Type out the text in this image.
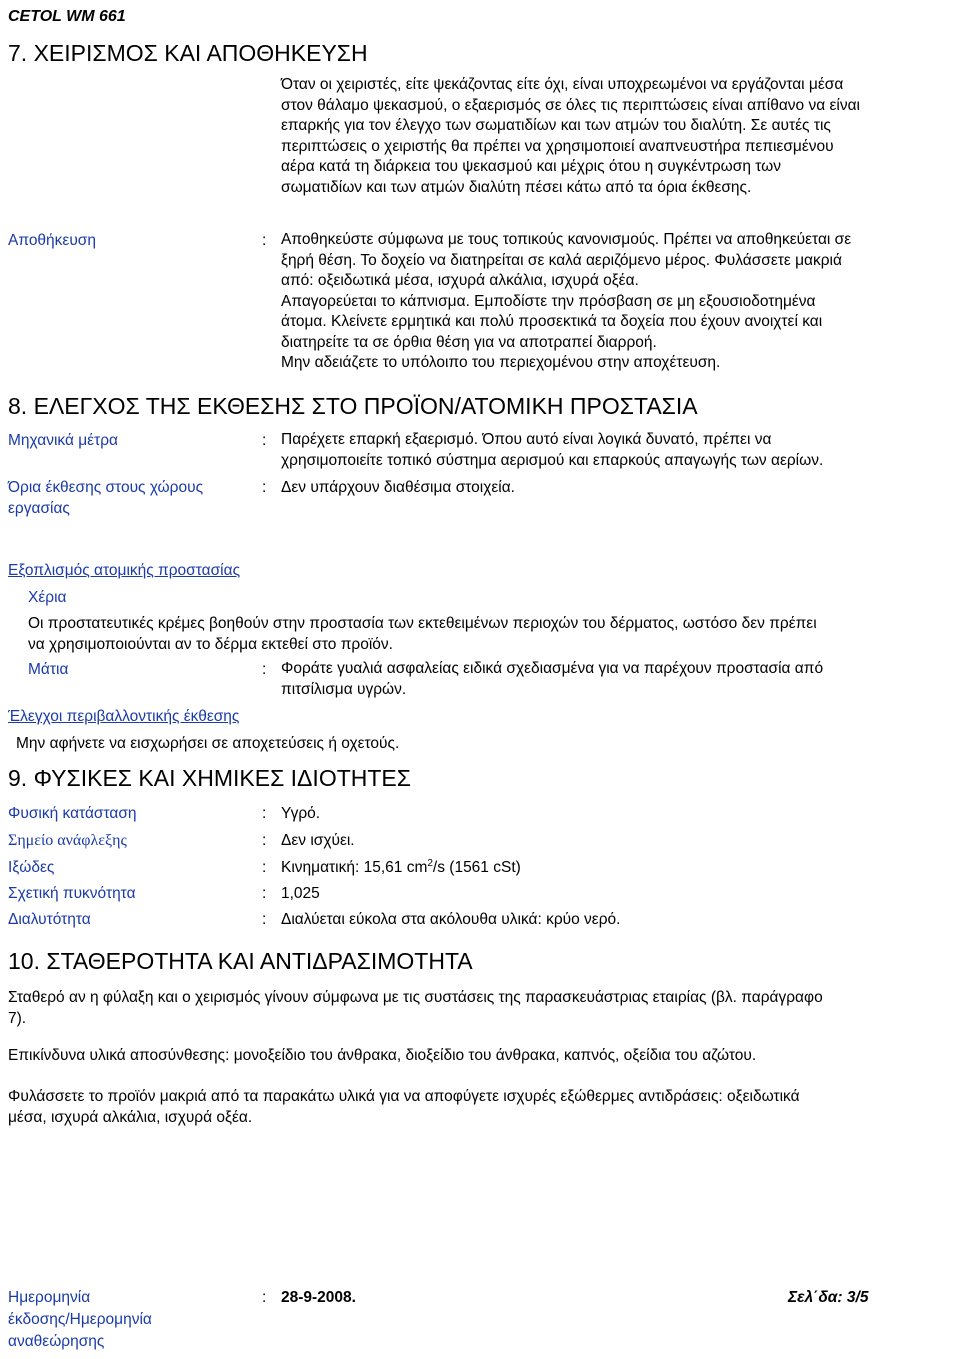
CETOL WM 661
7. ΧΕΙΡΙΣΜΟΣ ΚΑΙ ΑΠΟΘΗΚΕΥΣΗ
Όταν οι χειριστές, είτε ψεκάζοντας είτε όχι, είναι υποχρεωμένοι να εργάζονται μέσα
στον θάλαμο ψεκασμού, ο εξαερισμός σε όλες τις περιπτώσεις είναι απίθανο να είναι
επαρκής για τον έλεγχο των σωματιδίων και των ατμών του διαλύτη. Σε αυτές τις
περιπτώσεις ο χειριστής θα πρέπει να χρησιμοποιεί αναπνευστήρα πεπιεσμένου
αέρα κατά τη διάρκεια του ψεκασμού και μέχρις ότου η συγκέντρωση των
σωματιδίων και των ατμών διαλύτη πέσει κάτω από τα όρια έκθεσης.
Αποθήκευση	: Αποθηκεύστε σύμφωνα με τους τοπικούς κανονισμούς. Πρέπει να αποθηκεύεται σε
ξηρή θέση. Το δοχείο να διατηρείται σε καλά αεριζόμενο μέρος. Φυλάσσετε μακριά
από: οξειδωτικά μέσα, ισχυρά αλκάλια, ισχυρά οξέα.
Απαγορεύεται το κάπνισμα. Εμποδίστε την πρόσβαση σε μη εξουσιοδοτημένα
άτομα. Κλείνετε ερμητικά και πολύ προσεκτικά τα δοχεία που έχουν ανοιχτεί και
διατηρείτε τα σε όρθια θέση για να αποτραπεί διαρροή.
Μην αδειάζετε το υπόλοιπο του περιεχομένου στην αποχέτευση.
8. ΕΛΕΓΧΟΣ ΤΗΣ ΕΚΘΕΣΗΣ ΣΤΟ ΠΡΟΪΟΝ/ΑΤΟΜΙΚΗ ΠΡΟΣΤΑΣΙΑ
Μηχανικά μέτρα	: Παρέχετε επαρκή εξαερισμό. Όπου αυτό είναι λογικά δυνατό, πρέπει να
χρησιμοποιείτε τοπικό σύστημα αερισμού και επαρκούς απαγωγής των αερίων.
Όρια έκθεσης στους χώρους
εργασίας
: Δεν υπάρχουν διαθέσιμα στοιχεία.
Εξοπλισμός ατομικής προστασίας
Χέρια
Οι προστατευτικές κρέμες βοηθούν στην προστασία των εκτεθειμένων περιοχών του δέρματος, ωστόσο δεν πρέπει
να χρησιμοποιούνται αν το δέρμα εκτεθεί στο προϊόν.
Μάτια	: Φοράτε γυαλιά ασφαλείας ειδικά σχεδιασμένα για να παρέχουν προστασία από
πιτσίλισμα υγρών.
Έλεγχοι περιβαλλοντικής έκθεσης
Μην αφήνετε να εισχωρήσει σε αποχετεύσεις ή οχετούς.
9. ΦΥΣΙΚΕΣ ΚΑΙ ΧΗΜΙΚΕΣ ΙΔΙΟΤΗΤΕΣ
Φυσική κατάσταση	: Υγρό.
Σημείο ανάφλεξης	: Δεν ισχύει.
Ιξώδες	: Κινηματική: 15,61 $cm^2/s$ (1561 cSt)
Σχετική πυκνότητα	: 1,025
Διαλυτότητα	: Διαλύεται εύκολα στα ακόλουθα υλικά: κρύο νερό.
10. ΣΤΑΘΕΡΟΤΗΤΑ ΚΑΙ ΑΝΤΙΔΡΑΣΙΜΟΤΗΤΑ
Σταθερό αν η φύλαξη και ο χειρισμός γίνουν σύμφωνα με τις συστάσεις της παρασκευάστριας εταιρίας (βλ. παράγραφο
7).
Επικίνδυνα υλικά αποσύνθεσης: μονοξείδιο του άνθρακα, διοξείδιο του άνθρακα, καπνός, οξείδια του αζώτου.
Φυλάσσετε το προϊόν μακριά από τα παρακάτω υλικά για να αποφύγετε ισχυρές εξώθερμες αντιδράσεις: οξειδωτικά
μέσα, ισχυρά αλκάλια, ισχυρά οξέα.
Ημερομηνία
έκδοσης/Ημερομηνία
αναθεώρησης
: 28-9-2008.	Σελ΄δα: 3/5
